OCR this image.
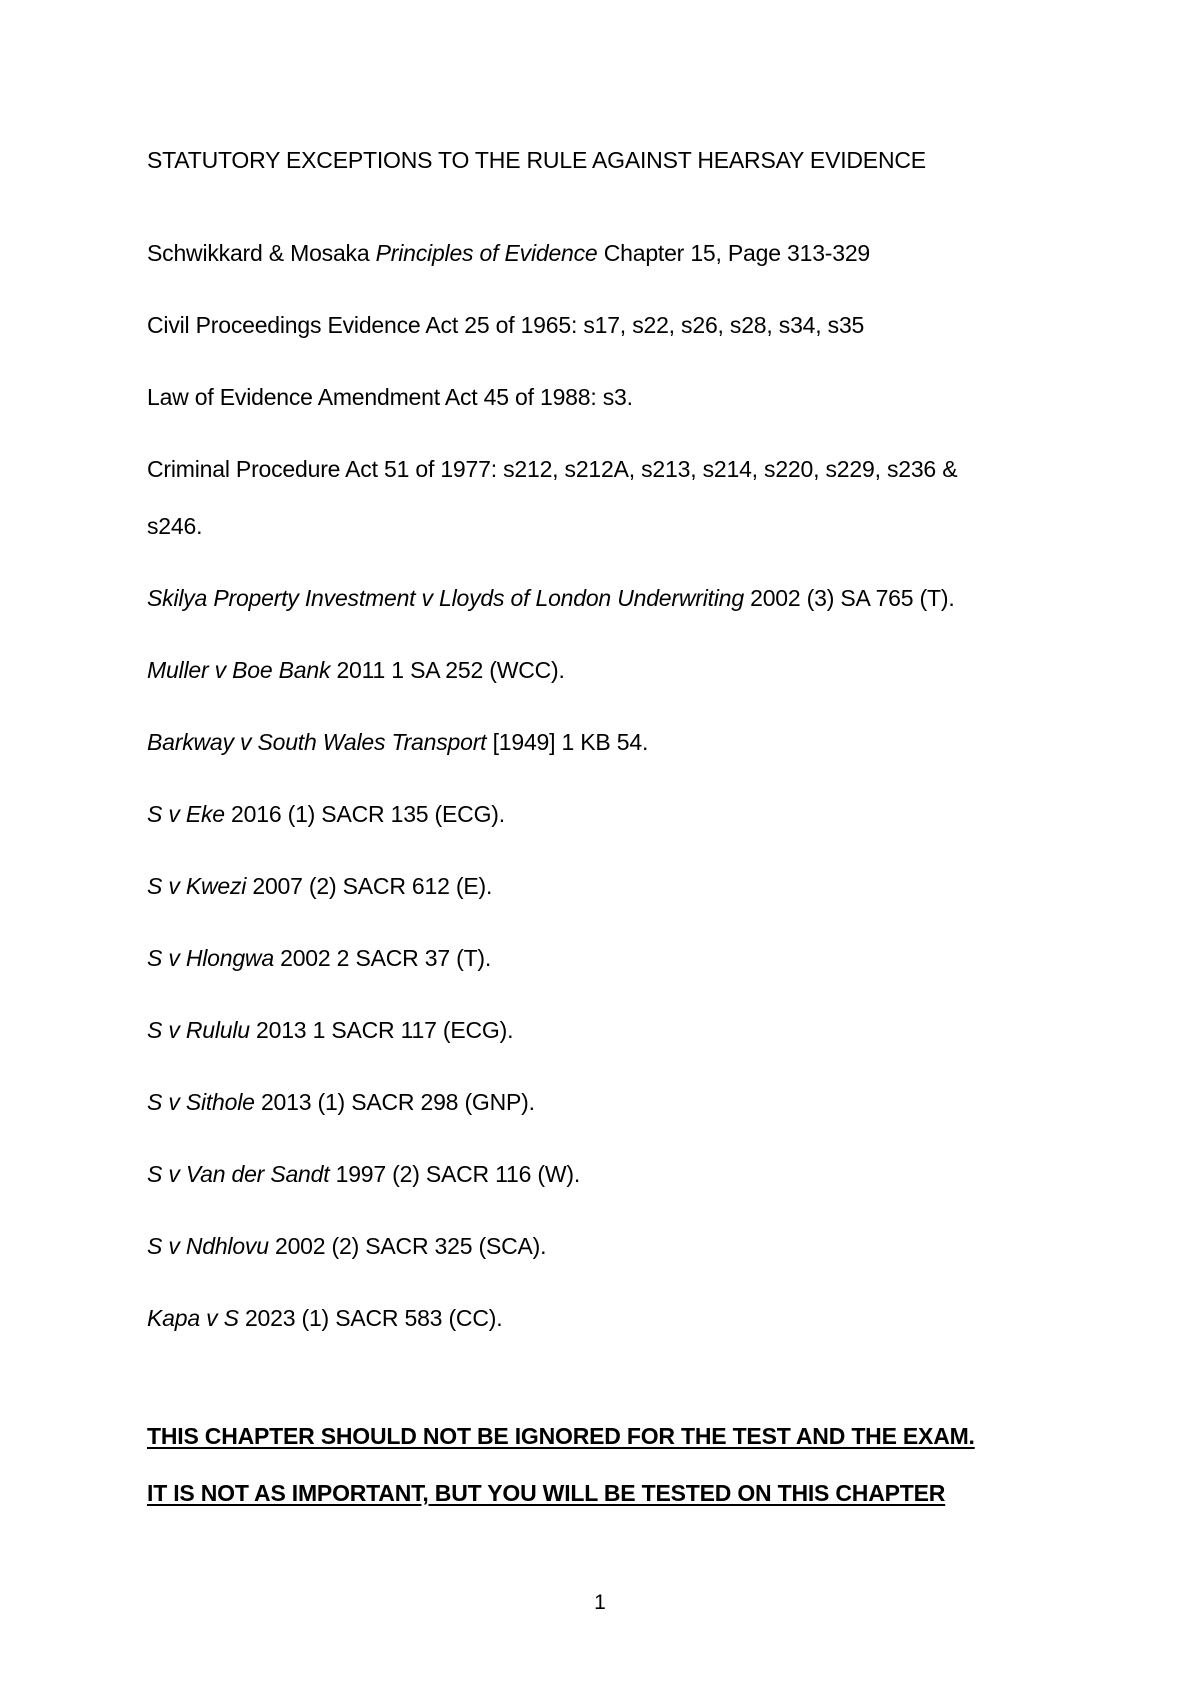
STATUTORY EXCEPTIONS TO THE RULE AGAINST HEARSAY EVIDENCE
Schwikkard & Mosaka Principles of Evidence Chapter 15, Page 313-329
Civil Proceedings Evidence Act 25 of 1965: s17, s22, s26, s28, s34, s35
Law of Evidence Amendment Act 45 of 1988: s3.
Criminal Procedure Act 51 of 1977: s212, s212A, s213, s214, s220, s229, s236 &
s246.
Skilya Property Investment v Lloyds of London Underwriting 2002 (3) SA 765 (T).
Muller v Boe Bank 2011 1 SA 252 (WCC).
Barkway v South Wales Transport [1949] 1 KB 54.
S v Eke 2016 (1) SACR 135 (ECG).
S v Kwezi 2007 (2) SACR 612 (E).
S v Hlongwa 2002 2 SACR 37 (T).
S v Rululu 2013 1 SACR 117 (ECG).
S v Sithole 2013 (1) SACR 298 (GNP).
S v Van der Sandt 1997 (2) SACR 116 (W).
S v Ndhlovu 2002 (2) SACR 325 (SCA).
Kapa v S 2023 (1) SACR 583 (CC).
THIS CHAPTER SHOULD NOT BE IGNORED FOR THE TEST AND THE EXAM.
IT IS NOT AS IMPORTANT, BUT YOU WILL BE TESTED ON THIS CHAPTER
1
